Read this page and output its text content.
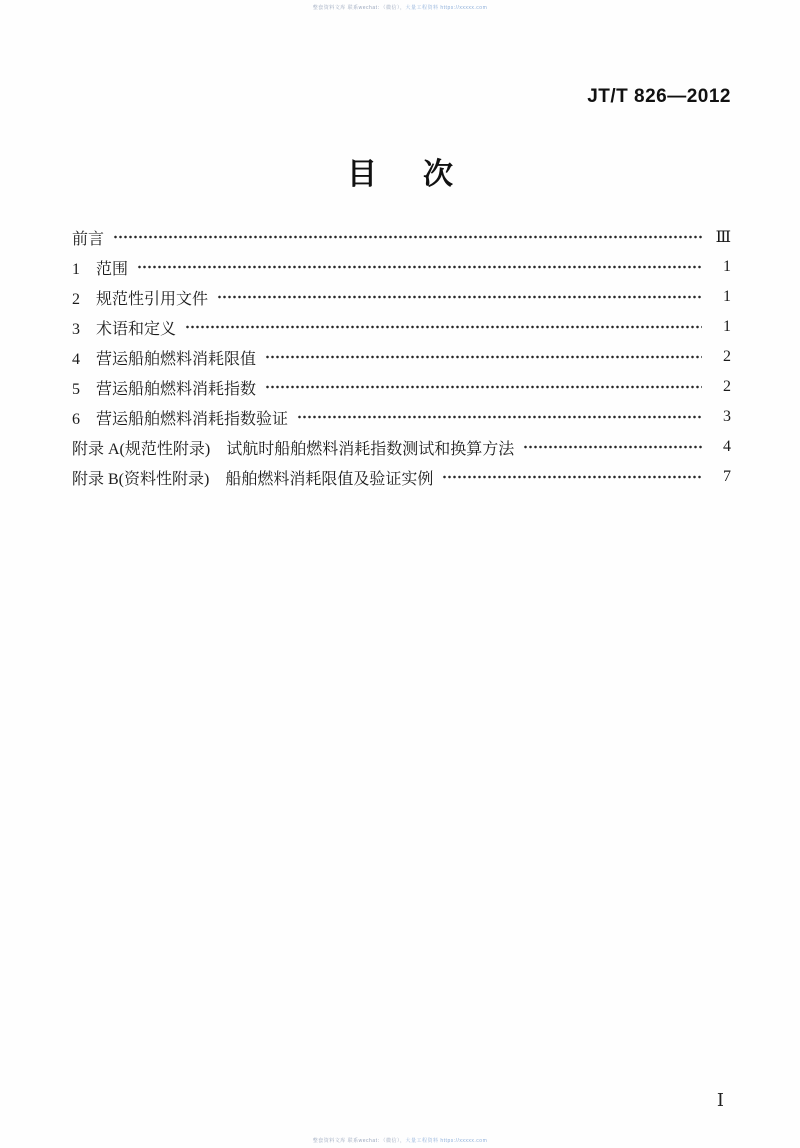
整套资料文库 联系wechat：（微信），大量工程资料 https://xxxxx.com
JT/T 826—2012
目　次
前言	Ⅲ
1　范围	1
2　规范性引用文件	1
3　术语和定义	1
4　营运船舶燃料消耗限值	2
5　营运船舶燃料消耗指数	2
6　营运船舶燃料消耗指数验证	3
附录 A(规范性附录)　试航时船舶燃料消耗指数测试和换算方法	4
附录 B(资料性附录)　船舶燃料消耗限值及验证实例	7
Ⅰ
整套资料文库 联系wechat：（微信），大量工程资料 https://xxxxx.com
